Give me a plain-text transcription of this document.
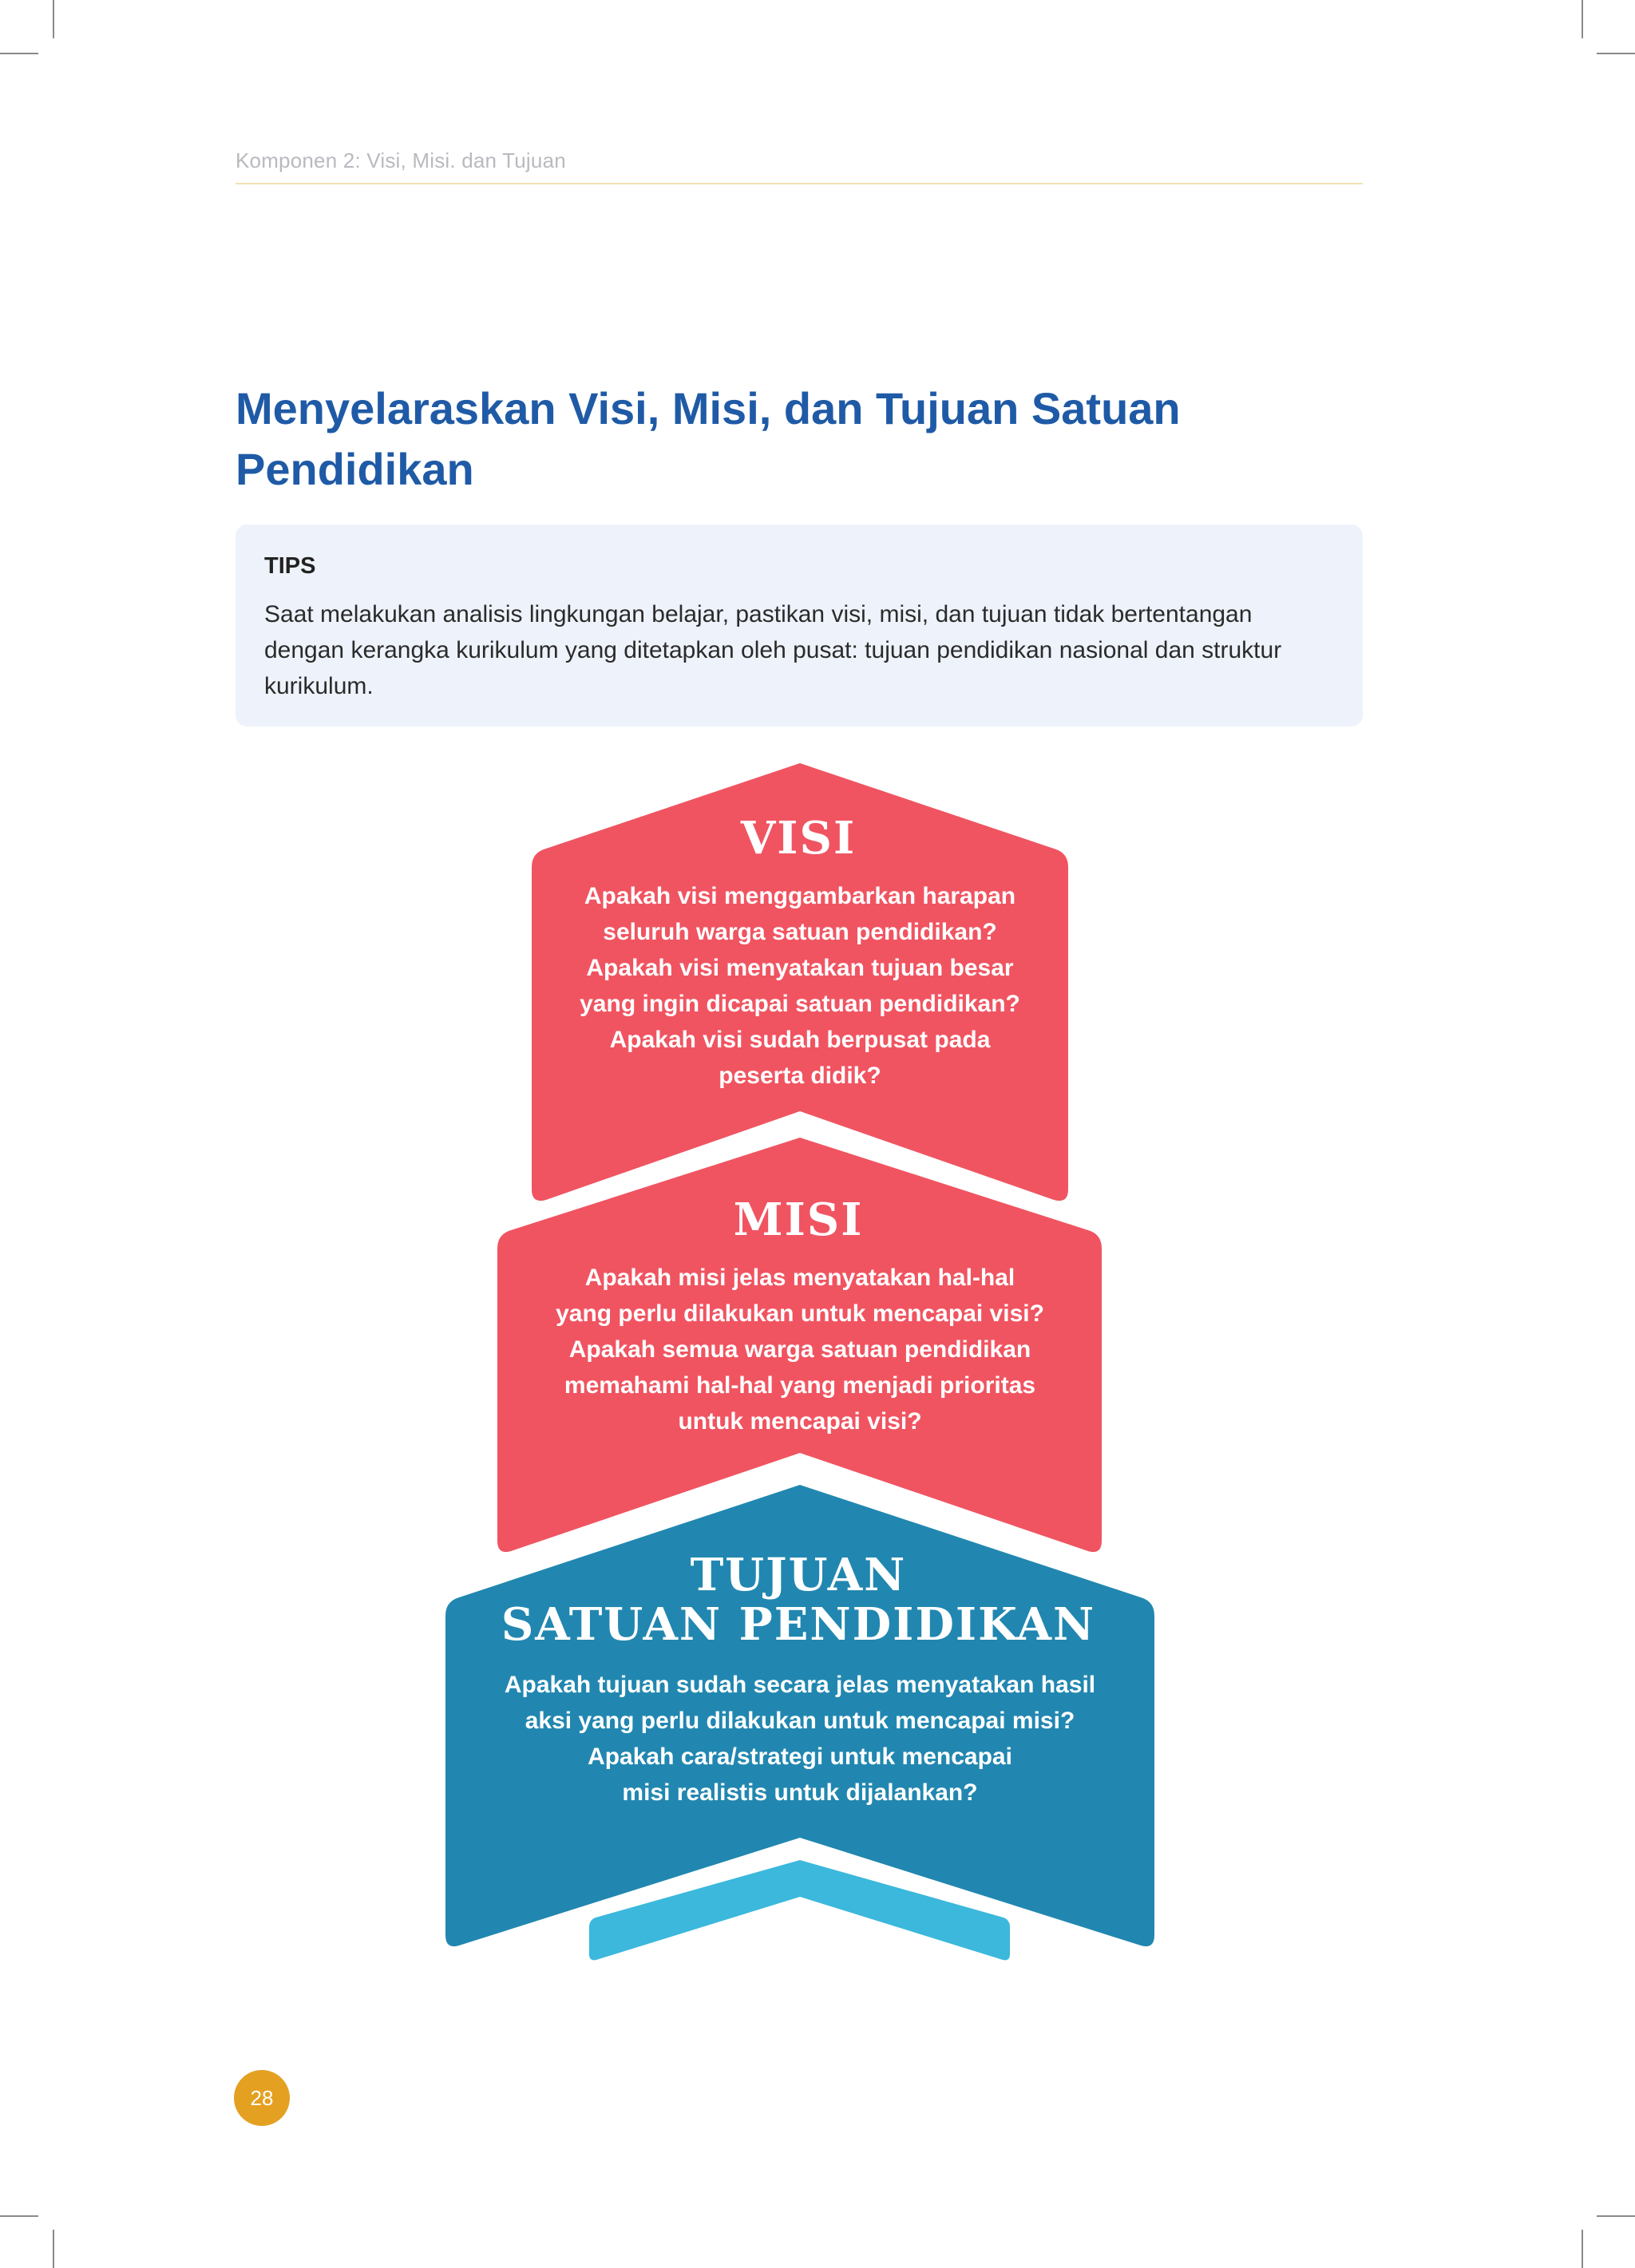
Komponen 2: Visi, Misi. dan Tujuan
Menyelaraskan Visi, Misi, dan Tujuan Satuan Pendidikan

TIPS

Saat melakukan analisis lingkungan belajar, pastikan visi, misi, dan tujuan tidak bertentangan dengan kerangka kurikulum yang ditetapkan oleh pusat: tujuan pendidikan nasional dan struktur kurikulum.

VISI
Apakah visi menggambarkan harapan
seluruh warga satuan pendidikan?
Apakah visi menyatakan tujuan besar
yang ingin dicapai satuan pendidikan?
Apakah visi sudah berpusat pada
peserta didik?
MISI
Apakah misi jelas menyatakan hal-hal
yang perlu dilakukan untuk mencapai visi?
Apakah semua warga satuan pendidikan
memahami hal-hal yang menjadi prioritas
untuk mencapai visi?
TUJUAN
SATUAN PENDIDIKAN
Apakah tujuan sudah secara jelas menyatakan hasil
aksi yang perlu dilakukan untuk mencapai misi?
Apakah cara/strategi untuk mencapai
misi realistis untuk dijalankan?
28
